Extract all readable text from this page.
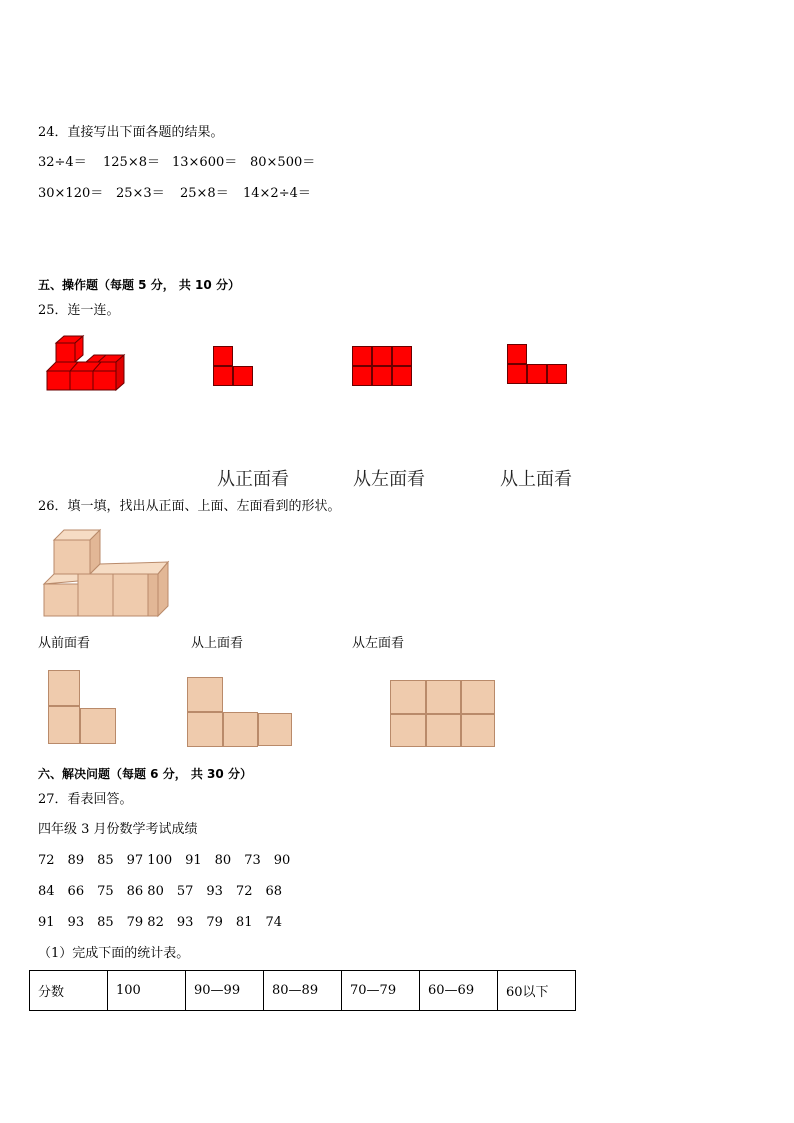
24．直接写出下面各题的结果。
32÷4＝ 125×8＝ 13×600＝ 80×500＝
30×120＝ 25×3＝ 25×8＝ 14×2÷4＝
五、操作题（每题 5 分， 共 10 分）
25．连一连。
从正面看	从左面看	从上面看
26．填一填，找出从正面、上面、左面看到的形状。
从前面看	从上面看	从左面看
六、解决问题（每题 6 分， 共 30 分）
27．看表回答。
四年级 3 月份数学考试成绩
72　89　85　97 100　91　80　73　90
84　66　75　86 80　57　93　72　68
91　93　85　79 82　93　79　81　74
（1）完成下面的统计表。
分数	100	90—99	80—89	70—79	60—69	60以下
